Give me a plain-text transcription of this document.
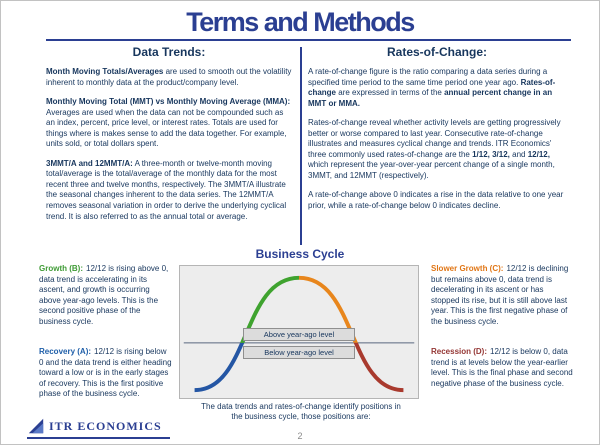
Terms and Methods
Data Trends:

Month Moving Totals/Averages are used to smooth out the volatility inherent to monthly data at the product/company level.

Monthly Moving Total (MMT) vs Monthly Moving Average (MMA): Averages are used when the data can not be compounded such as an index, percent, price level, or interest rates. Totals are used for things where is makes sense to add the data together. For example, units sold, or total dollars spent.

3MMT/A and 12MMT/A: A three-month or twelve-month moving total/average is the total/average of the monthly data for the most recent three and twelve months, respectively. The 3MMT/A illustrate the seasonal changes inherent to the data series. The 12MMT/A removes seasonal variation in order to derive the underlying cyclical trend. It is also referred to as the annual total or average.

Rates-of-Change:

A rate-of-change figure is the ratio comparing a data series during a specified time period to the same time period one year ago. Rates-of-change are expressed in terms of the annual percent change in an MMT or MMA.

Rates-of-change reveal whether activity levels are getting progressively better or worse compared to last year. Consecutive rate-of-change illustrates and measures cyclical change and trends. ITR Economics' three commonly used rates-of-change are the 1/12, 3/12, and 12/12, which represent the year-over-year percent change of a single month, 3MMT, and 12MMT (respectively).

A rate-of-change above 0 indicates a rise in the data relative to one year prior, while a rate-of-change below 0 indicates decline.

Business Cycle
Growth (B): 12/12 is rising above 0, data trend is accelerating in its ascent, and growth is occurring above year-ago levels. This is the second positive phase of the business cycle.
Slower Growth (C): 12/12 is declining but remains above 0, data trend is decelerating in its ascent or has stopped its rise, but it is still above last year. This is the first negative phase of the business cycle.
Recovery (A): 12/12 is rising below 0 and the data trend is either heading toward a low or is in the early stages of recovery. This is the first positive phase of the business cycle.
Recession (D): 12/12 is below 0, data trend is at levels below the year-earlier level. This is the final phase and second negative phase of the business cycle.
Above year-ago level
Below year-ago level
The data trends and rates-of-change identify positions in the business cycle, those positions are:
ITR ECONOMICS
2
